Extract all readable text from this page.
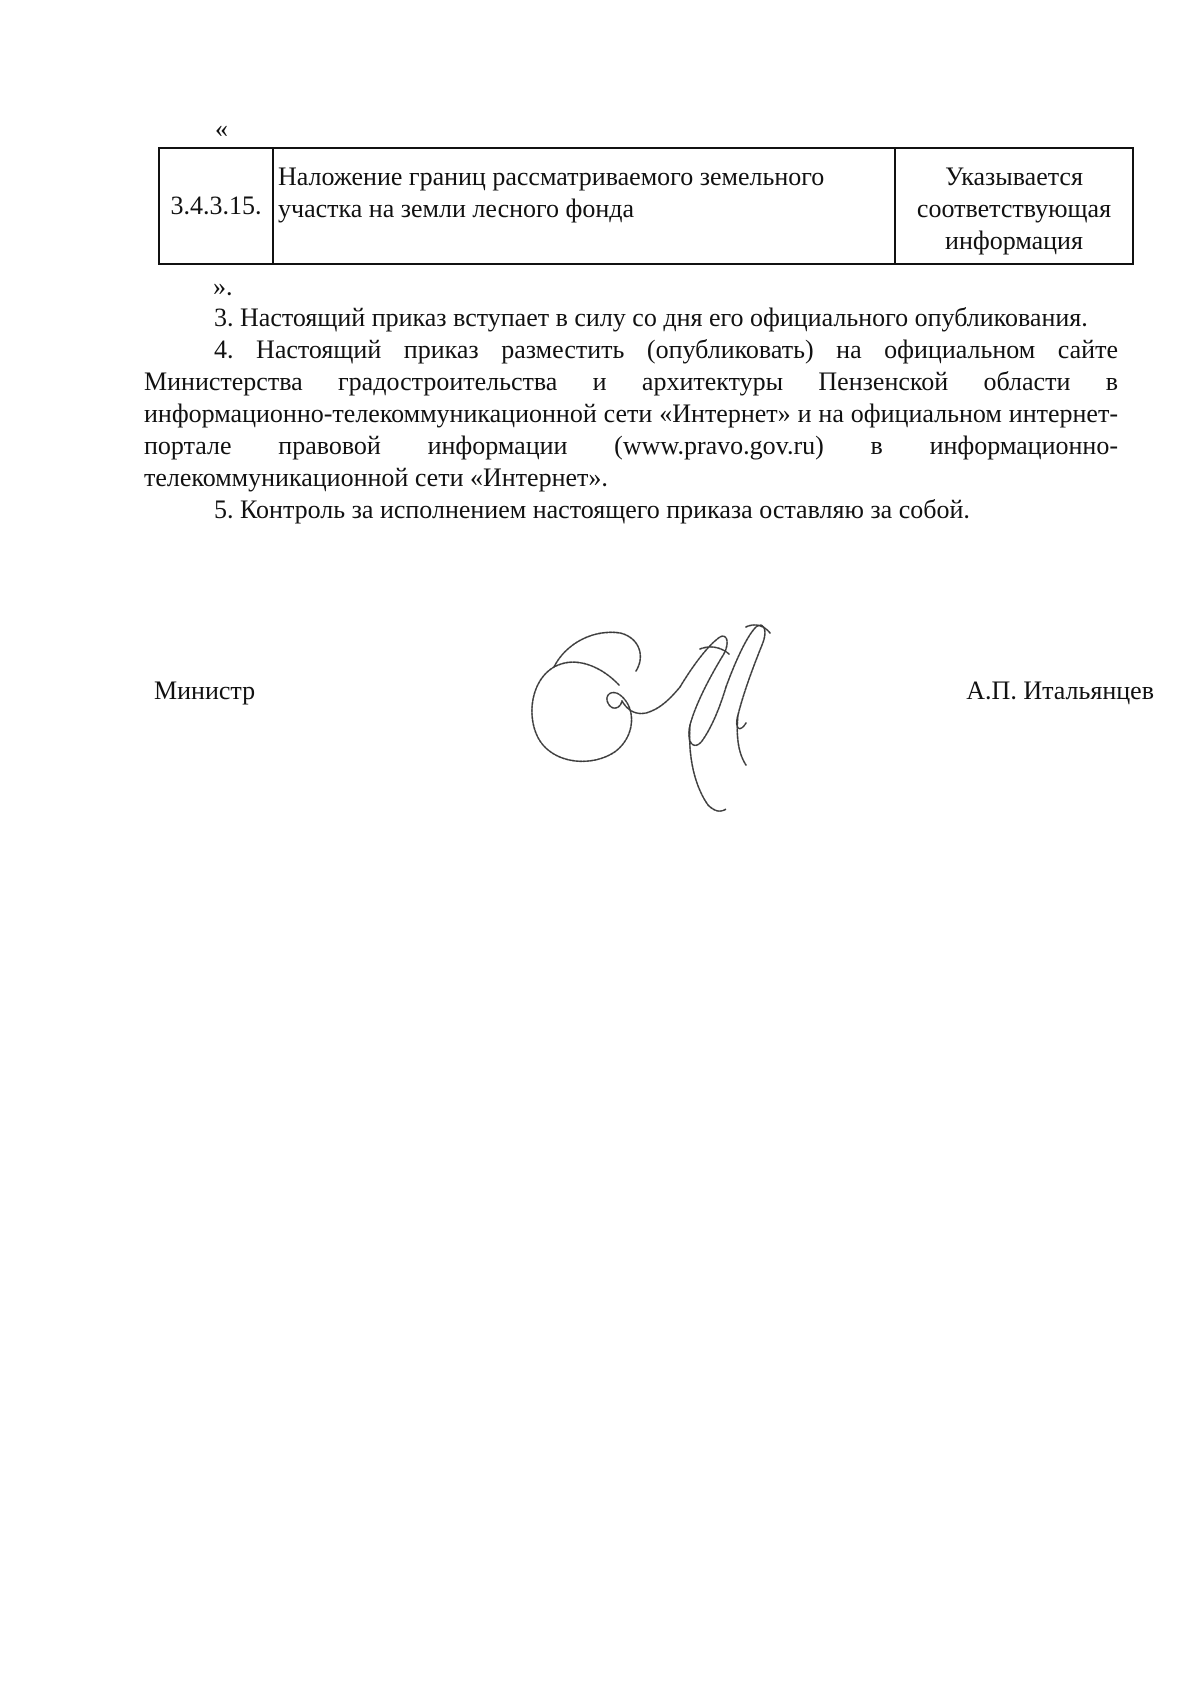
«
3.4.3.15.	Наложение границ рассматриваемого земельного участка на земли лесного фонда	Указывается соответствующая информация
».

3. Настоящий приказ вступает в силу со дня его официального опубликования.

4. Настоящий приказ разместить (опубликовать) на официальном сайте Министерства градостроительства и архитектуры Пензенской области в информационно-телекоммуникационной сети «Интернет» и на официальном интернет-портале правовой информации (www.pravo.gov.ru) в информационно-телекоммуникационной сети «Интернет».

5. Контроль за исполнением настоящего приказа оставляю за собой.

Министр	А.П. Итальянцев
